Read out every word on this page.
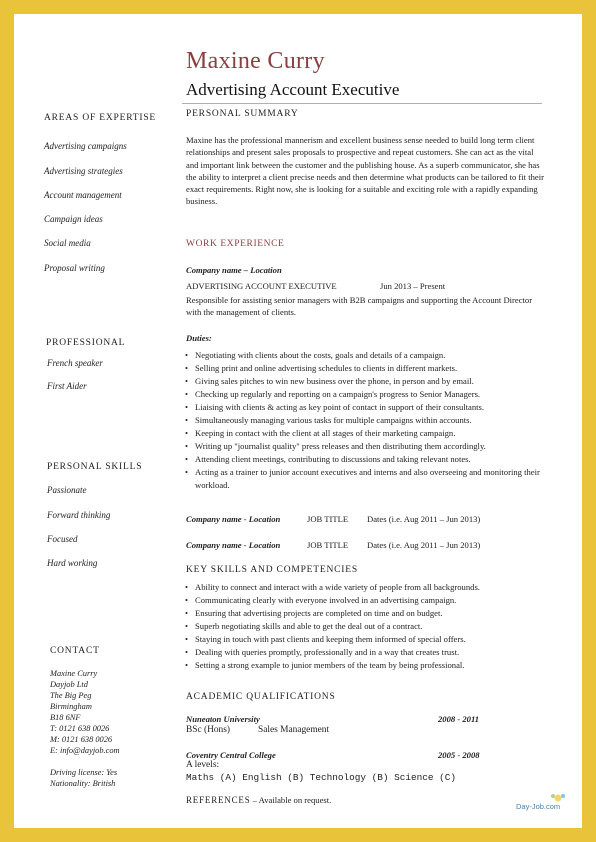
Maxine Curry
Advertising Account Executive
AREAS OF EXPERTISE
Advertising campaigns
Advertising strategies
Account management
Campaign ideas
Social media
Proposal writing
PROFESSIONAL
French speaker
First Aider
PERSONAL SKILLS
Passionate
Forward thinking
Focused
Hard working
CONTACT
Maxine Curry
Dayjob Ltd
The Big Peg
Birmingham
B18 6NF
T: 0121 638 0026
M: 0121 638 0026
E: info@dayjob.com
Driving license: Yes
Nationality: British
PERSONAL SUMMARY
Maxine has the professional mannerism and excellent business sense needed to build long term client relationships and present sales proposals to prospective and repeat customers. She can act as the vital and important link between the customer and the publishing house. As a superb communicator, she has the ability to interpret a client precise needs and then determine what products can be tailored to fit their exact requirements. Right now, she is looking for a suitable and exciting role with a rapidly expanding business.
WORK EXPERIENCE
Company name – Location
ADVERTISING ACCOUNT EXECUTIVE	Jun 2013 – Present
Responsible for assisting senior managers with B2B campaigns and supporting the Account Director with the management of clients.
Duties:
• Negotiating with clients about the costs, goals and details of a campaign.
• Selling print and online advertising schedules to clients in different markets.
• Giving sales pitches to win new business over the phone, in person and by email.
• Checking up regularly and reporting on a campaign's progress to Senior Managers.
• Liaising with clients & acting as key point of contact in support of their consultants.
• Simultaneously managing various tasks for multiple campaigns within accounts.
• Keeping in contact with the client at all stages of their marketing campaign.
• Writing up "journalist quality" press releases and then distributing them accordingly.
• Attending client meetings, contributing to discussions and taking relevant notes.
• Acting as a trainer to junior account executives and interns and also overseeing and monitoring their workload.
Company name - Location	JOB TITLE Dates (i.e. Aug 2011 – Jun 2013)
Company name - Location	JOB TITLE Dates (i.e. Aug 2011 – Jun 2013)
KEY SKILLS AND COMPETENCIES
• Ability to connect and interact with a wide variety of people from all backgrounds.
• Communicating clearly with everyone involved in an advertising campaign.
• Ensuring that advertising projects are completed on time and on budget.
• Superb negotiating skills and able to get the deal out of a contract.
• Staying in touch with past clients and keeping them informed of special offers.
• Dealing with queries promptly, professionally and in a way that creates trust.
• Setting a strong example to junior members of the team by being professional.
ACADEMIC QUALIFICATIONS
Nuneaton University	2008 - 2011
BSc (Hons)	Sales Management
Coventry Central College	2005 - 2008
A levels:
Maths (A) English (B) Technology (B) Science (C)
REFERENCES – Available on request.
Day-Job.com
